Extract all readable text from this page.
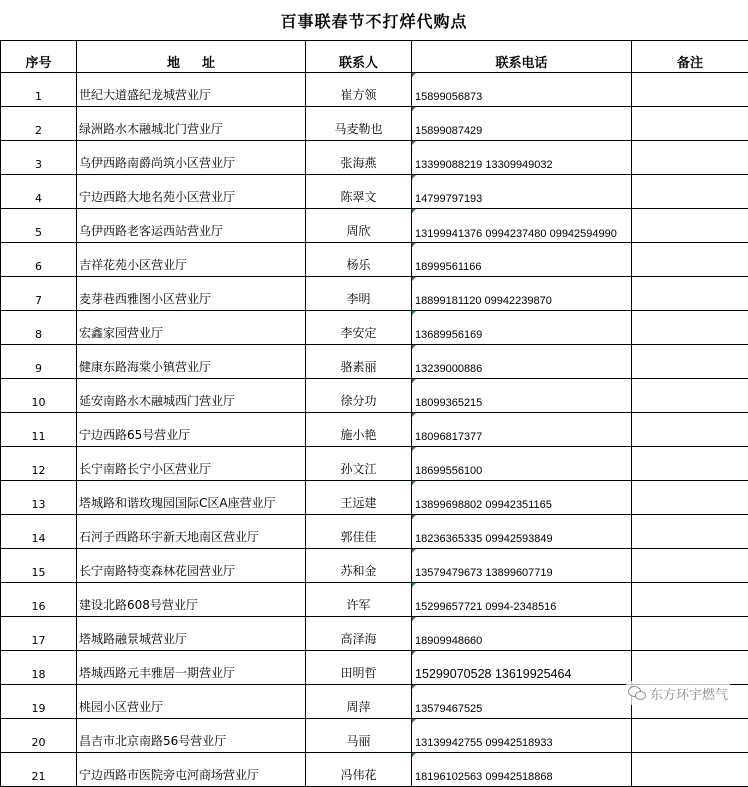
百事联春节不打烊代购点
序号	地址	联系人	联系电话	备注
1	世纪大道盛纪龙城营业厅	崔方领	15899056873	
2	绿洲路水木融城北门营业厅	马麦勒也	15899087429	
3	乌伊西路南爵尚筑小区营业厅	张海燕	13399088219 13309949032	
4	宁边西路大地名苑小区营业厅	陈翠文	14799797193	
5	乌伊西路老客运西站营业厅	周欣	13199941376 0994237480 09942594990	
6	吉祥花苑小区营业厅	杨乐	18999561166	
7	麦芽巷西雅图小区营业厅	李明	18899181120 09942239870	
8	宏鑫家园营业厅	李安定	13689956169	
9	健康东路海棠小镇营业厅	骆素丽	13239000886	
10	延安南路水木融城西门营业厅	徐分功	18099365215	
11	宁边西路65号营业厅	施小艳	18096817377	
12	长宁南路长宁小区营业厅	孙文江	18699556100	
13	塔城路和谐玫瑰园国际C区A座营业厅	王远建	13899698802 09942351165	
14	石河子西路环宇新天地南区营业厅	郭佳佳	18236365335 09942593849	
15	长宁南路特变森林花园营业厅	苏和金	13579479673 13899607719	
16	建设北路608号营业厅	许军	15299657721 0994-2348516	
17	塔城路融景城营业厅	高泽海	18909948660	
18	塔城西路元丰雅居一期营业厅	田明哲	15299070528 13619925464	
19	桃园小区营业厅	周萍	13579467525	
20	昌吉市北京南路56号营业厅	马丽	13139942755 09942518933	
21	宁边西路市医院旁屯河商场营业厅	冯伟花	18196102563 09942518868	
东方环宇燃气
